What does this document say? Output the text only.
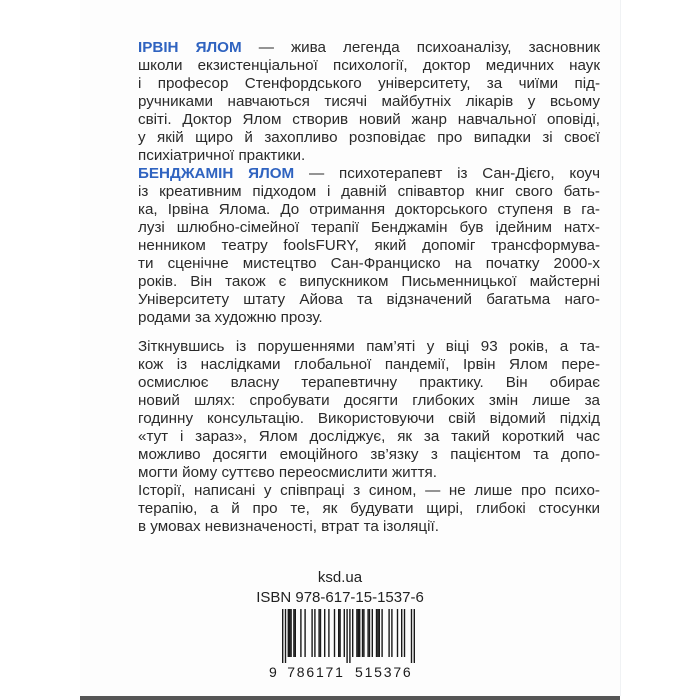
ІРВІН ЯЛОМ — жива легенда психоаналізу, засновник
школи екзистенціальної психології, доктор медичних наук
і професор Стенфордського університету, за чиїми під-
ручниками навчаються тисячі майбутніх лікарів у всьому
світі. Доктор Ялом створив новий жанр навчальної оповіді,
у якій щиро й захопливо розповідає про випадки зі своєї
психіатричної практики.
БЕНДЖАМІН ЯЛОМ — психотерапевт із Сан-Дієго, коуч
із креативним підходом і давній співавтор книг свого бать-
ка, Ірвіна Ялома. До отримання докторського ступеня в га-
лузі шлюбно-сімейної терапії Бенджамін був ідейним натх-
ненником театру foolsFURY, який допоміг трансформува-
ти сценічне мистецтво Сан-Франциско на початку 2000-х
років. Він також є випускником Письменницької майстерні
Університету штату Айова та відзначений багатьма наго-
родами за художню прозу.
Зіткнувшись із порушеннями пам’яті у віці 93 років, а та-
кож із наслідками глобальної пандемії, Ірвін Ялом пере-
осмислює власну терапевтичну практику. Він обирає
новий шлях: спробувати досягти глибоких змін лише за
годинну консультацію. Використовуючи свій відомий підхід
«тут і зараз», Ялом досліджує, як за такий короткий час
можливо досягти емоційного зв’язку з пацієнтом та допо-
могти йому суттєво переосмислити життя.
Історії, написані у співпраці з сином, — не лише про психо-
терапію, а й про те, як будувати щирі, глибокі стосунки
в умовах невизначеності, втрат та ізоляції.
ksd.ua
ISBN 978-617-15-1537-6
9 786171 515376
